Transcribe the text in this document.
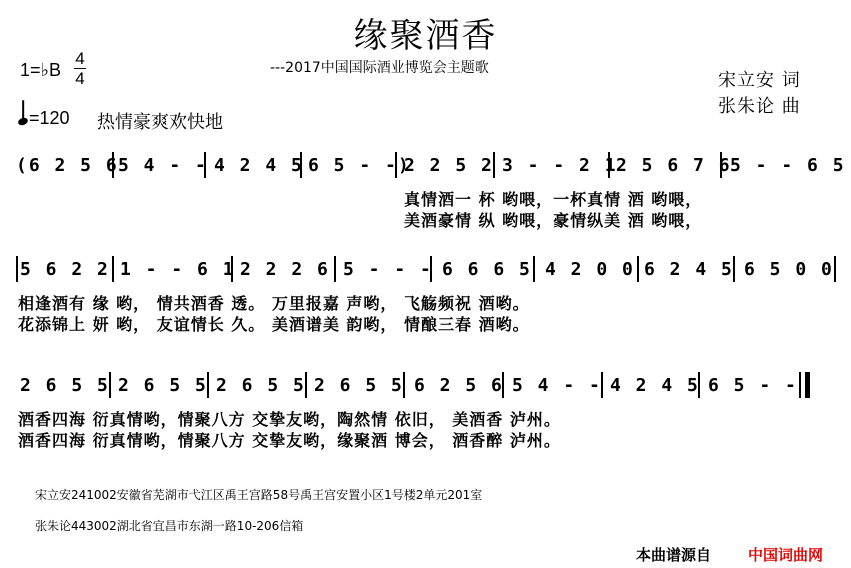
缘聚酒香
---2017中国国际酒业博览会主题歌
宋立安 词
张朱论 曲
1=♭B
4
4
=120 热情豪爽欢快地
(6 2 5 6 5 4 - - 4 2 4 5 6 5 - -)
2 2 5 2 3 - - 2 1
2 5 6 7 6
5 - - 6 5
真情酒一 杯 哟喂，一杯真情 酒 哟喂，
美酒豪情 纵 哟喂，豪情纵美 酒 哟喂，
5 6 2 2 1 - - 6 1 2 2 2 6 5 - - - 6 6 6 5 4 2 0 0 6 2 4 5 6 5 0 0
相逢酒有 缘 哟， 情共酒香 透。 万里报嘉 声哟， 飞觞频祝 酒哟。
花添锦上 妍 哟， 友谊情长 久。 美酒谱美 韵哟， 情酿三春 酒哟。
2 6 5 5 2 6 5 5 2 6 5 5 2 6 5 5 6 2 5 6 5 4 - - 4 2 4 5 6 5 - -
酒香四海 衍真情哟，情聚八方 交挚友哟，陶然情 依旧， 美酒香 泸州。
酒香四海 衍真情哟，情聚八方 交挚友哟，缘聚酒 博会， 酒香醉 泸州。
宋立安241002安徽省芜湖市弋江区禹王宫路58号禹王宫安置小区1号楼2单元201室
张朱论443002湖北省宜昌市东湖一路10-206信箱
本曲谱源自 中国词曲网
